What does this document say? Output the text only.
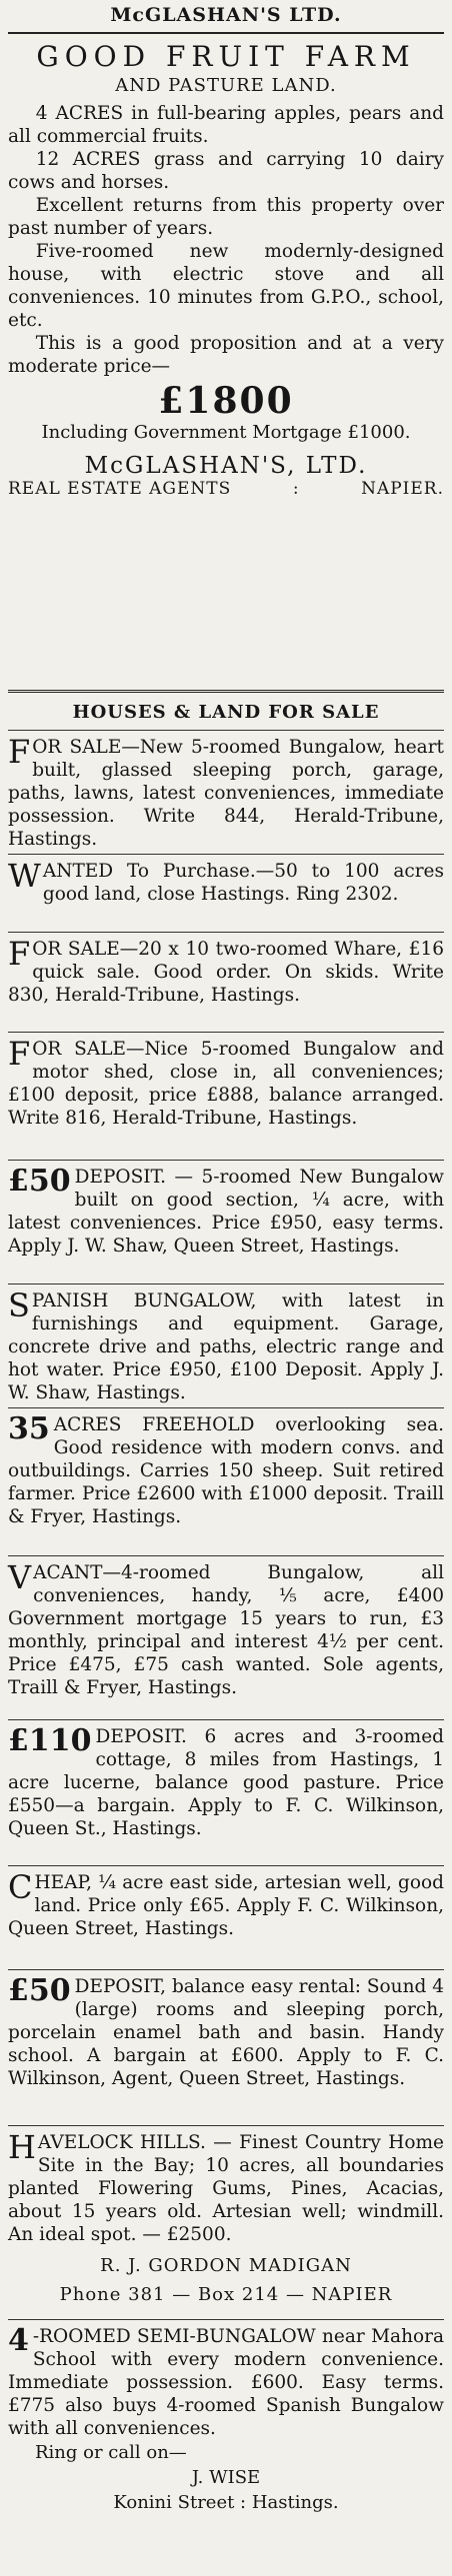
McGLASHAN'S LTD.
GOOD FRUIT FARM
AND PASTURE LAND.

4 ACRES in full-bearing apples, pears and all commercial fruits.

12 ACRES grass and carrying 10 dairy cows and horses.

Excellent returns from this property over past number of years.

Five-roomed new modernly-designed house, with electric stove and all conveniences. 10 minutes from G.P.O., school, etc.

This is a good proposition and at a very moderate price—

£1800
Including Government Mortgage £1000.
McGLASHAN'S, LTD.
REAL ESTATE AGENTS	:	NAPIER.
HOUSES & LAND FOR SALE

FOR SALE—New 5-roomed Bungalow, heart built, glassed sleeping porch, garage, paths, lawns, latest conveniences, immediate possession. Write 844, Herald-Tribune, Hastings.

WANTED To Purchase.—50 to 100 acres good land, close Hastings. Ring 2302.

FOR SALE—20 x 10 two-roomed Whare, £16 quick sale. Good order. On skids. Write 830, Herald-Tribune, Hastings.

FOR SALE—Nice 5-roomed Bungalow and motor shed, close in, all conveniences; £100 deposit, price £888, balance arranged. Write 816, Herald-Tribune, Hastings.

£50 DEPOSIT. — 5-roomed New Bungalow built on good section, ¼ acre, with latest conveniences. Price £950, easy terms. Apply J. W. Shaw, Queen Street, Hastings.

SPANISH BUNGALOW, with latest in furnishings and equipment. Garage, concrete drive and paths, electric range and hot water. Price £950, £100 Deposit. Apply J. W. Shaw, Hastings.

35 ACRES FREEHOLD overlooking sea. Good residence with modern convs. and outbuildings. Carries 150 sheep. Suit retired farmer. Price £2600 with £1000 deposit. Traill & Fryer, Hastings.

VACANT—4-roomed Bungalow, all conveniences, handy, ⅕ acre, £400 Government mortgage 15 years to run, £3 monthly, principal and interest 4½ per cent. Price £475, £75 cash wanted. Sole agents, Traill & Fryer, Hastings.

£110 DEPOSIT. 6 acres and 3-roomed cottage, 8 miles from Hastings, 1 acre lucerne, balance good pasture. Price £550—a bargain. Apply to F. C. Wilkinson, Queen St., Hastings.

CHEAP, ¼ acre east side, artesian well, good land. Price only £65. Apply F. C. Wilkinson, Queen Street, Hastings.

£50 DEPOSIT, balance easy rental: Sound 4 (large) rooms and sleeping porch, porcelain enamel bath and basin. Handy school. A bargain at £600. Apply to F. C. Wilkinson, Agent, Queen Street, Hastings.

HAVELOCK HILLS. — Finest Country Home Site in the Bay; 10 acres, all boundaries planted Flowering Gums, Pines, Acacias, about 15 years old. Artesian well; windmill. An ideal spot. — £2500.

R. J. GORDON MADIGAN
Phone 381 — Box 214 — NAPIER

4 -ROOMED SEMI-BUNGALOW near Mahora School with every modern convenience. Immediate possession. £600. Easy terms. £775 also buys 4-roomed Spanish Bungalow with all conveniences.

Ring or call on—
J. WISE
Konini Street : Hastings.
